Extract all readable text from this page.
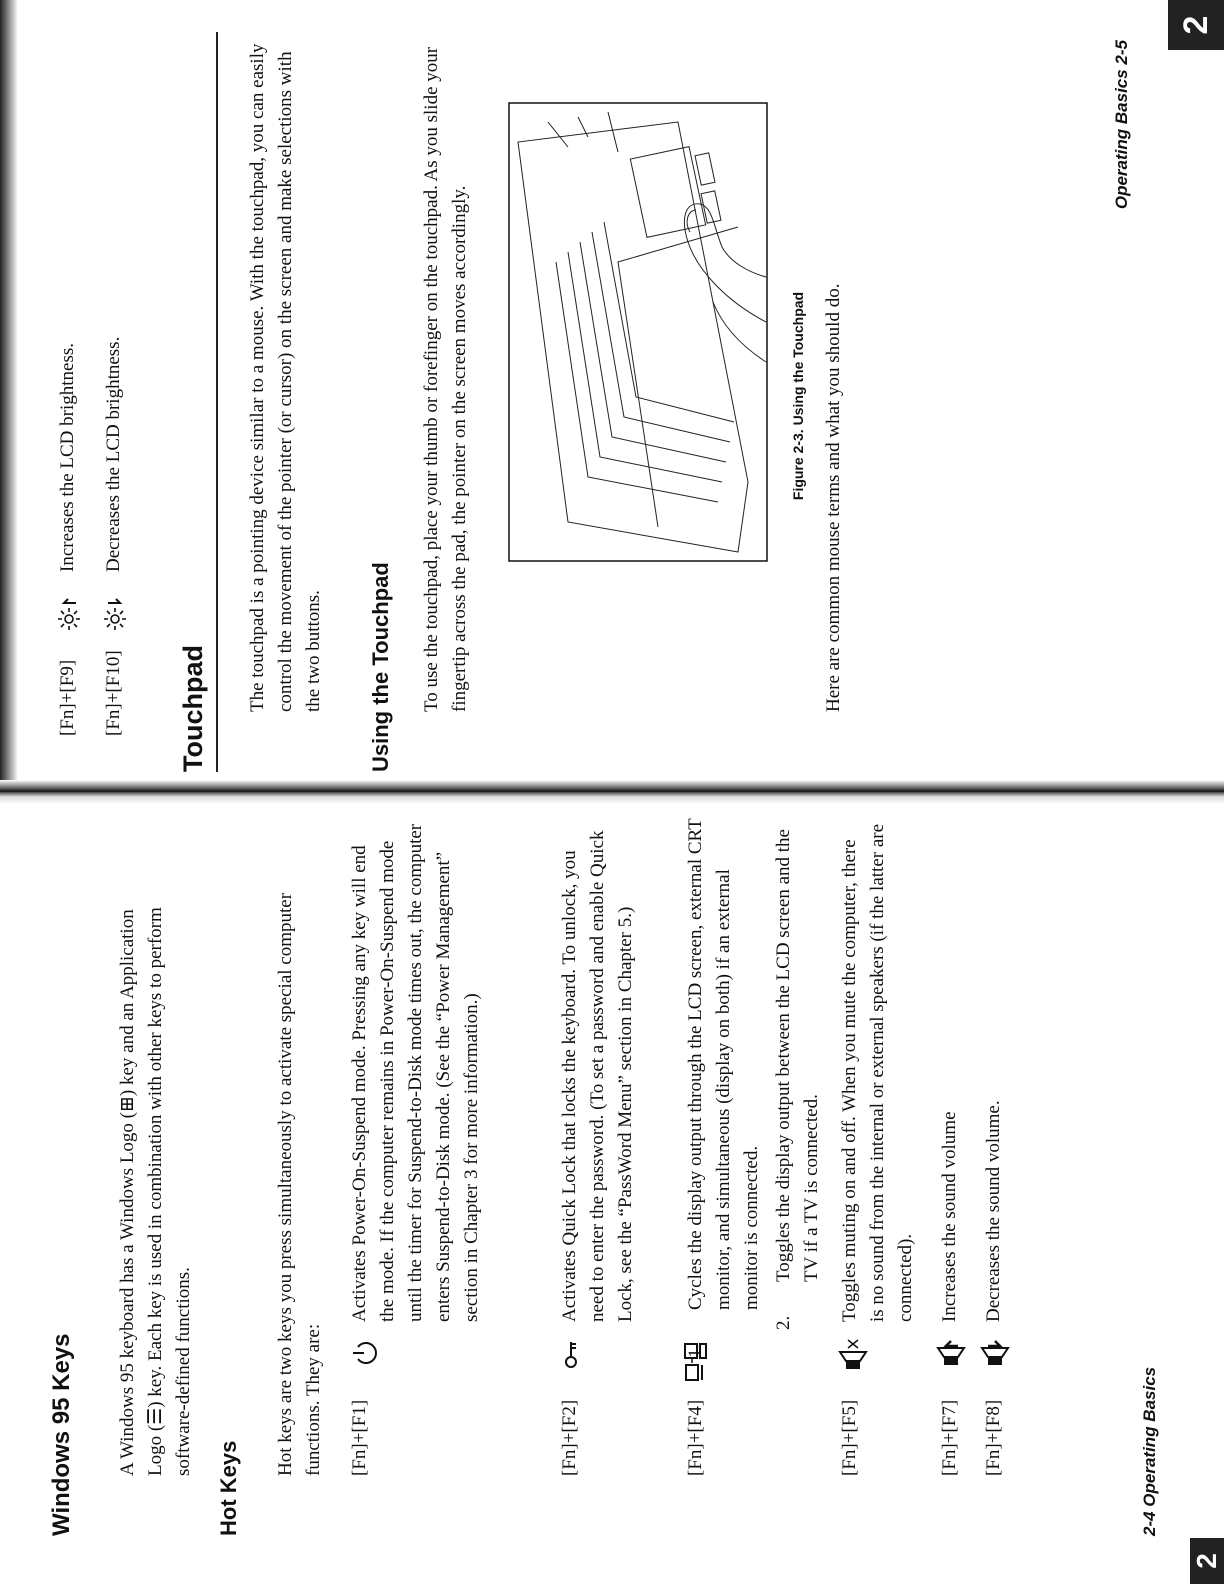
2
Windows 95 Keys A Windows 95 keyboard has a Windows Logo (⊞) key and an Application Logo (☰) key. Each key is used in combination with other keys to perform software-defined functions.

Hot Keys

Hot keys are two keys you press simultaneously to activate special computer functions. They are: [Fn]+[F1]

Activates Power-On-Suspend mode. Pressing any key will end the mode. If the computer remains in Power-On-Suspend mode until the timer for Suspend-to-Disk mode times out, the computer enters Suspend-to-Disk mode. (See the “Power Management” section in Chapter 3 for more information.)

[Fn]+[F2]

Activates Quick Lock that locks the keyboard. To unlock, you need to enter the password. (To set a password and enable Quick Lock, see the “PassWord Menu” section in Chapter 5.)

[Fn]+[F4]

1.Cycles the display output through the LCD screen, external CRT monitor, and simultaneous (display on both) if an external monitor is connected.

2.Toggles the display output between the LCD screen and the TV if a TV is connected.

[Fn]+[F5]

Toggles muting on and off. When you mute the computer, there is no sound from the internal or external speakers (if the latter are connected).

[Fn]+[F7]

Increases the sound volume

[Fn]+[F8]

Decreases the sound volume.

2-4 Operating Basics
[Fn]+[F9]

Increases the LCD brightness.

[Fn]+[F10]

Decreases the LCD brightness.

Touchpad The touchpad is a pointing device similar to a mouse. With the touchpad, you can easily control the movement of the pointer (or cursor) on the screen and make selections with the two buttons. Using the Touchpad To use the touchpad, place your thumb or forefinger on the touchpad. As you slide your fingertip across the pad, the pointer on the screen moves accordingly.	Figure 2-3. Using the Touchpad Here are common mouse terms and what you should do.

Operating Basics 2-5
2
